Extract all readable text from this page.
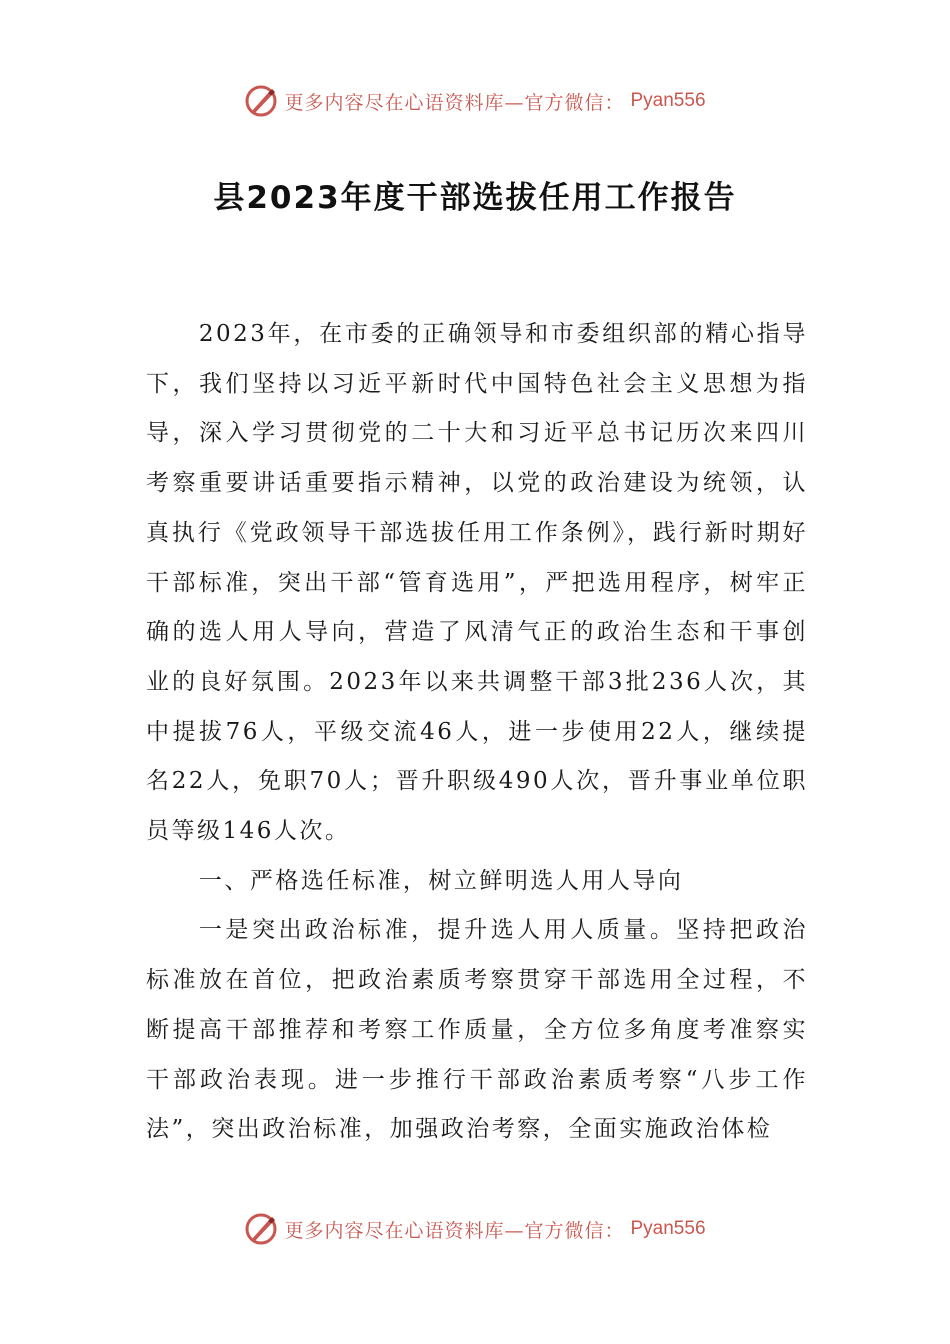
更多内容尽在心语资料库—官方微信： Pyan556
县2023年度干部选拔任用工作报告

2023年，在市委的正确领导和市委组织部的精心指导下，我们坚持以习近平新时代中国特色社会主义思想为指导，深入学习贯彻党的二十大和习近平总书记历次来四川考察重要讲话重要指示精神，以党的政治建设为统领，认真执行《党政领导干部选拔任用工作条例》，践行新时期好干部标准，突出干部“管育选用”，严把选用程序，树牢正确的选人用人导向，营造了风清气正的政治生态和干事创业的良好氛围。2023年以来共调整干部3批236人次，其中提拔76人，平级交流46人，进一步使用22人，继续提名22人，免职70人；晋升职级490人次，晋升事业单位职员等级146人次。

一、严格选任标准，树立鲜明选人用人导向

一是突出政治标准，提升选人用人质量。坚持把政治标准放在首位，把政治素质考察贯穿干部选用全过程，不断提高干部推荐和考察工作质量，全方位多角度考准察实干部政治表现。进一步推行干部政治素质考察“八步工作法”，突出政治标准，加强政治考察，全面实施政治体检

更多内容尽在心语资料库—官方微信： Pyan556
